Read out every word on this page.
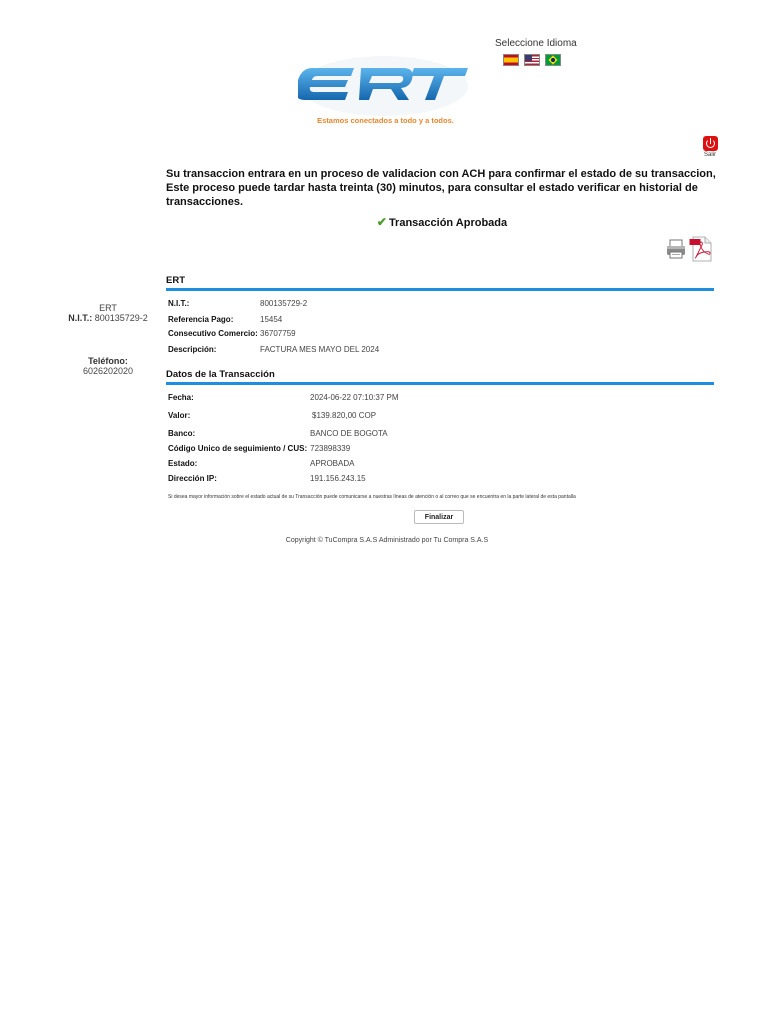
Seleccione Idioma
Estamos conectados a todo y a todos.
Salir
Su transaccion entrara en un proceso de validacion con ACH para confirmar el estado de su transaccion, Este proceso puede tardar hasta treinta (30) minutos, para consultar el estado verificar en historial de transacciones.
✔ Transacción Aprobada
ERT
N.I.T.: 800135729-2
Teléfono:
6026202020
ERT
N.I.T.:	800135729-2
Referencia Pago:	15454
Consecutivo Comercio: 36707759
Descripción:	FACTURA MES MAYO DEL 2024
Datos de la Transacción
Fecha:	2024-06-22 07:10:37 PM
Valor:	$139.820,00 COP
Banco:	BANCO DE BOGOTA
Código Unico de seguimiento / CUS: 723898339
Estado:	APROBADA
Dirección IP:	191.156.243.15
Si desea mayor información sobre el estado actual de su Transacción puede comunicarse a nuestras líneas de atención o al correo que se encuentra en la parte lateral de esta pantalla
Finalizar
Copyright © TuCompra S.A.S Administrado por Tu Compra S.A.S
